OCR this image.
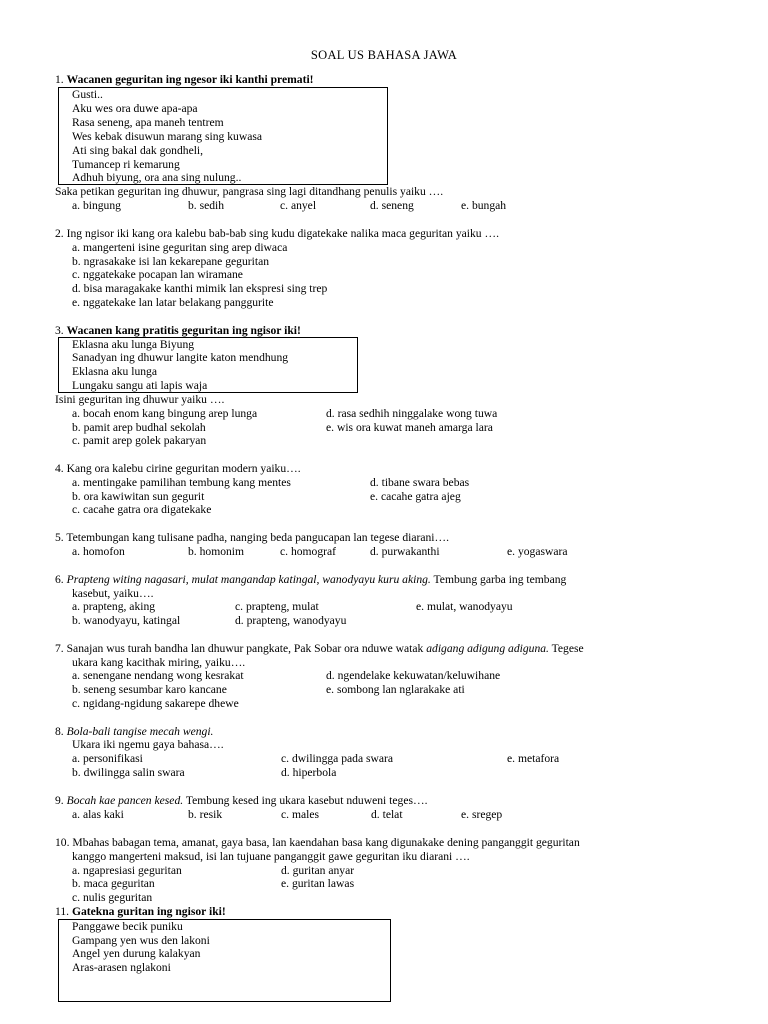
SOAL US BAHASA JAWA
1. Wacanen geguritan ing ngesor iki kanthi premati!
Gusti..
Aku wes ora duwe apa-apa
Rasa seneng, apa maneh tentrem
Wes kebak disuwun marang sing kuwasa
Ati sing bakal dak gondheli,
Tumancep ri kemarung
Adhuh biyung, ora ana sing nulung..
Saka petikan geguritan ing dhuwur, pangrasa sing lagi ditandhang penulis yaiku ….
a. bingung	b. sedih	c. anyel	d. seneng	e. bungah
2. Ing ngisor iki kang ora kalebu bab-bab sing kudu digatekake nalika maca geguritan yaiku ….
a. mangerteni isine geguritan sing arep diwaca
b. ngrasakake isi lan kekarepane geguritan
c. nggatekake pocapan lan wiramane
d. bisa maragakake kanthi mimik lan ekspresi sing trep
e. nggatekake lan latar belakang panggurite
3. Wacanen kang pratitis geguritan ing ngisor iki!
Eklasna aku lunga Biyung
Sanadyan ing dhuwur langite katon mendhung
Eklasna aku lunga
Lungaku sangu ati lapis waja
Isini geguritan ing dhuwur yaiku ….
a. bocah enom kang bingung arep lunga	d. rasa sedhih ninggalake wong tuwa
b. pamit arep budhal sekolah	e. wis ora kuwat maneh amarga lara
c. pamit arep golek pakaryan
4. Kang ora kalebu cirine geguritan modern yaiku….
a. mentingake pamilihan tembung kang mentes	d. tibane swara bebas
b. ora kawiwitan sun gegurit	e. cacahe gatra ajeg
c. cacahe gatra ora digatekake
5. Tetembungan kang tulisane padha, nanging beda pangucapan lan tegese diarani….
a. homofon	b. homonim	c. homograf	d. purwakanthi	e. yogaswara
6. Prapteng witing nagasari, mulat mangandap katingal, wanodyayu kuru aking. Tembung garba ing tembang
kasebut, yaiku….
a. prapteng, aking	c. prapteng, mulat	e. mulat, wanodyayu
b. wanodyayu, katingal	d. prapteng, wanodyayu
7. Sanajan wus turah bandha lan dhuwur pangkate, Pak Sobar ora nduwe watak adigang adigung adiguna. Tegese
ukara kang kacithak miring, yaiku….
a. senengane nendang wong kesrakat	d. ngendelake kekuwatan/keluwihane
b. seneng sesumbar karo kancane	e. sombong lan nglarakake ati
c. ngidang-ngidung sakarepe dhewe
8. Bola-bali tangise mecah wengi.
Ukara iki ngemu gaya bahasa….
a. personifikasi	c. dwilingga pada swara	e. metafora
b. dwilingga salin swara	d. hiperbola
9. Bocah kae pancen kesed. Tembung kesed ing ukara kasebut nduweni teges….
a. alas kaki	b. resik	c. males	d. telat	e. sregep
10. Mbahas babagan tema, amanat, gaya basa, lan kaendahan basa kang digunakake dening panganggit geguritan
kanggo mangerteni maksud, isi lan tujuane panganggit gawe geguritan iku diarani ….
a. ngapresiasi geguritan	d. guritan anyar
b. maca geguritan	e. guritan lawas
c. nulis geguritan
11. Gatekna guritan ing ngisor iki!
Panggawe becik puniku
Gampang yen wus den lakoni
Angel yen durung kalakyan
Aras-arasen nglakoni
